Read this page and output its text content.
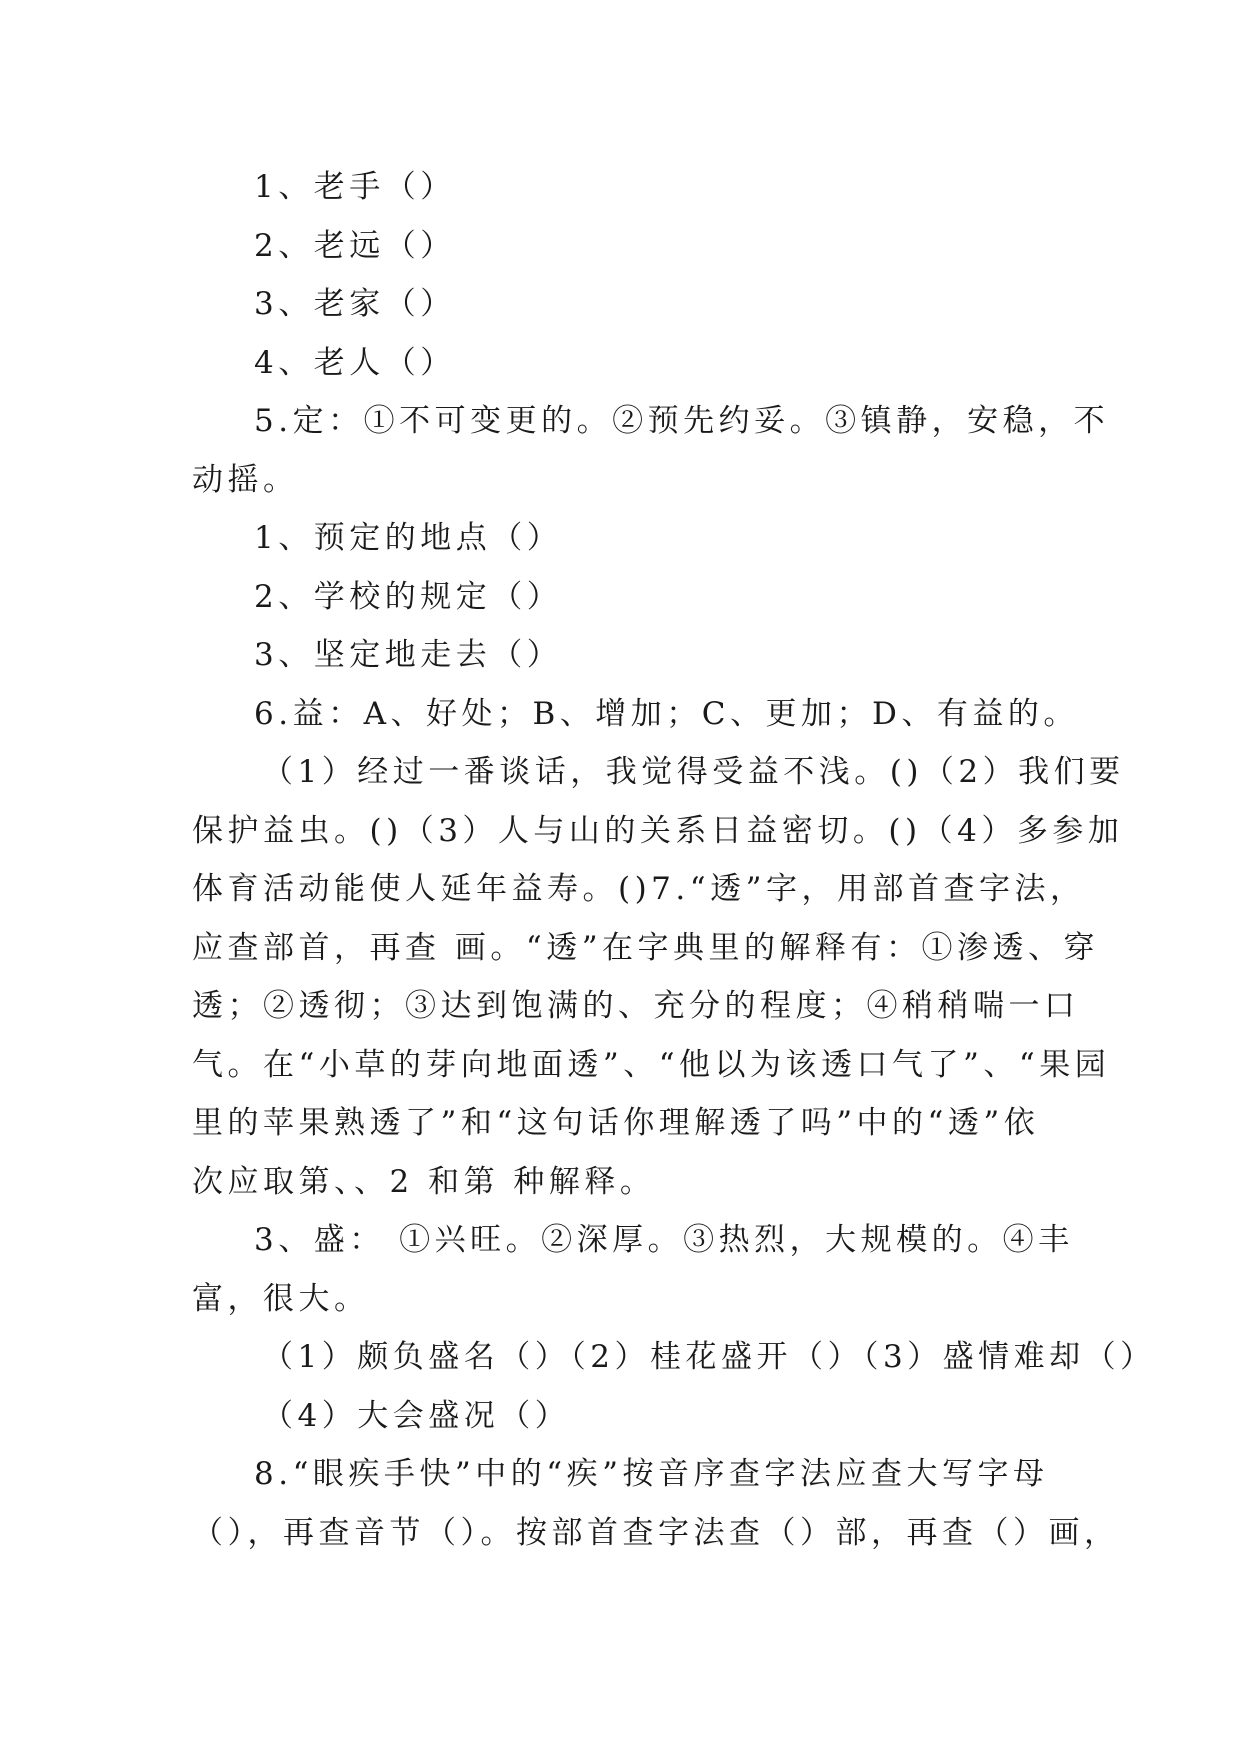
1、老手（）
2、老远（）
3、老家（）
4、老人（）
5.定：①不可变更的。②预先约妥。③镇静，安稳，不
动摇。
1、预定的地点（）
2、学校的规定（）
3、坚定地走去（）
6.益：A、好处；B、增加；C、更加；D、有益的。
（1）经过一番谈话，我觉得受益不浅。()（2）我们要
保护益虫。()（3）人与山的关系日益密切。()（4）多参加
体育活动能使人延年益寿。()7.“透”字，用部首查字法，
应查部首，再查 画。“透”在字典里的解释有：①渗透、穿
透；②透彻；③达到饱满的、充分的程度；④稍稍喘一口
气。在“小草的芽向地面透”、“他以为该透口气了”、“果园
里的苹果熟透了”和“这句话你理解透了吗”中的“透”依
次应取第、、2 和第 种解释。
3、盛： ①兴旺。②深厚。③热烈，大规模的。④丰
富，很大。
（1）颇负盛名（）（2）桂花盛开（）（3）盛情难却（）
（4）大会盛况（）
8.“眼疾手快”中的“疾”按音序查字法应查大写字母
（），再查音节（）。按部首查字法查（）部，再查（）画，
